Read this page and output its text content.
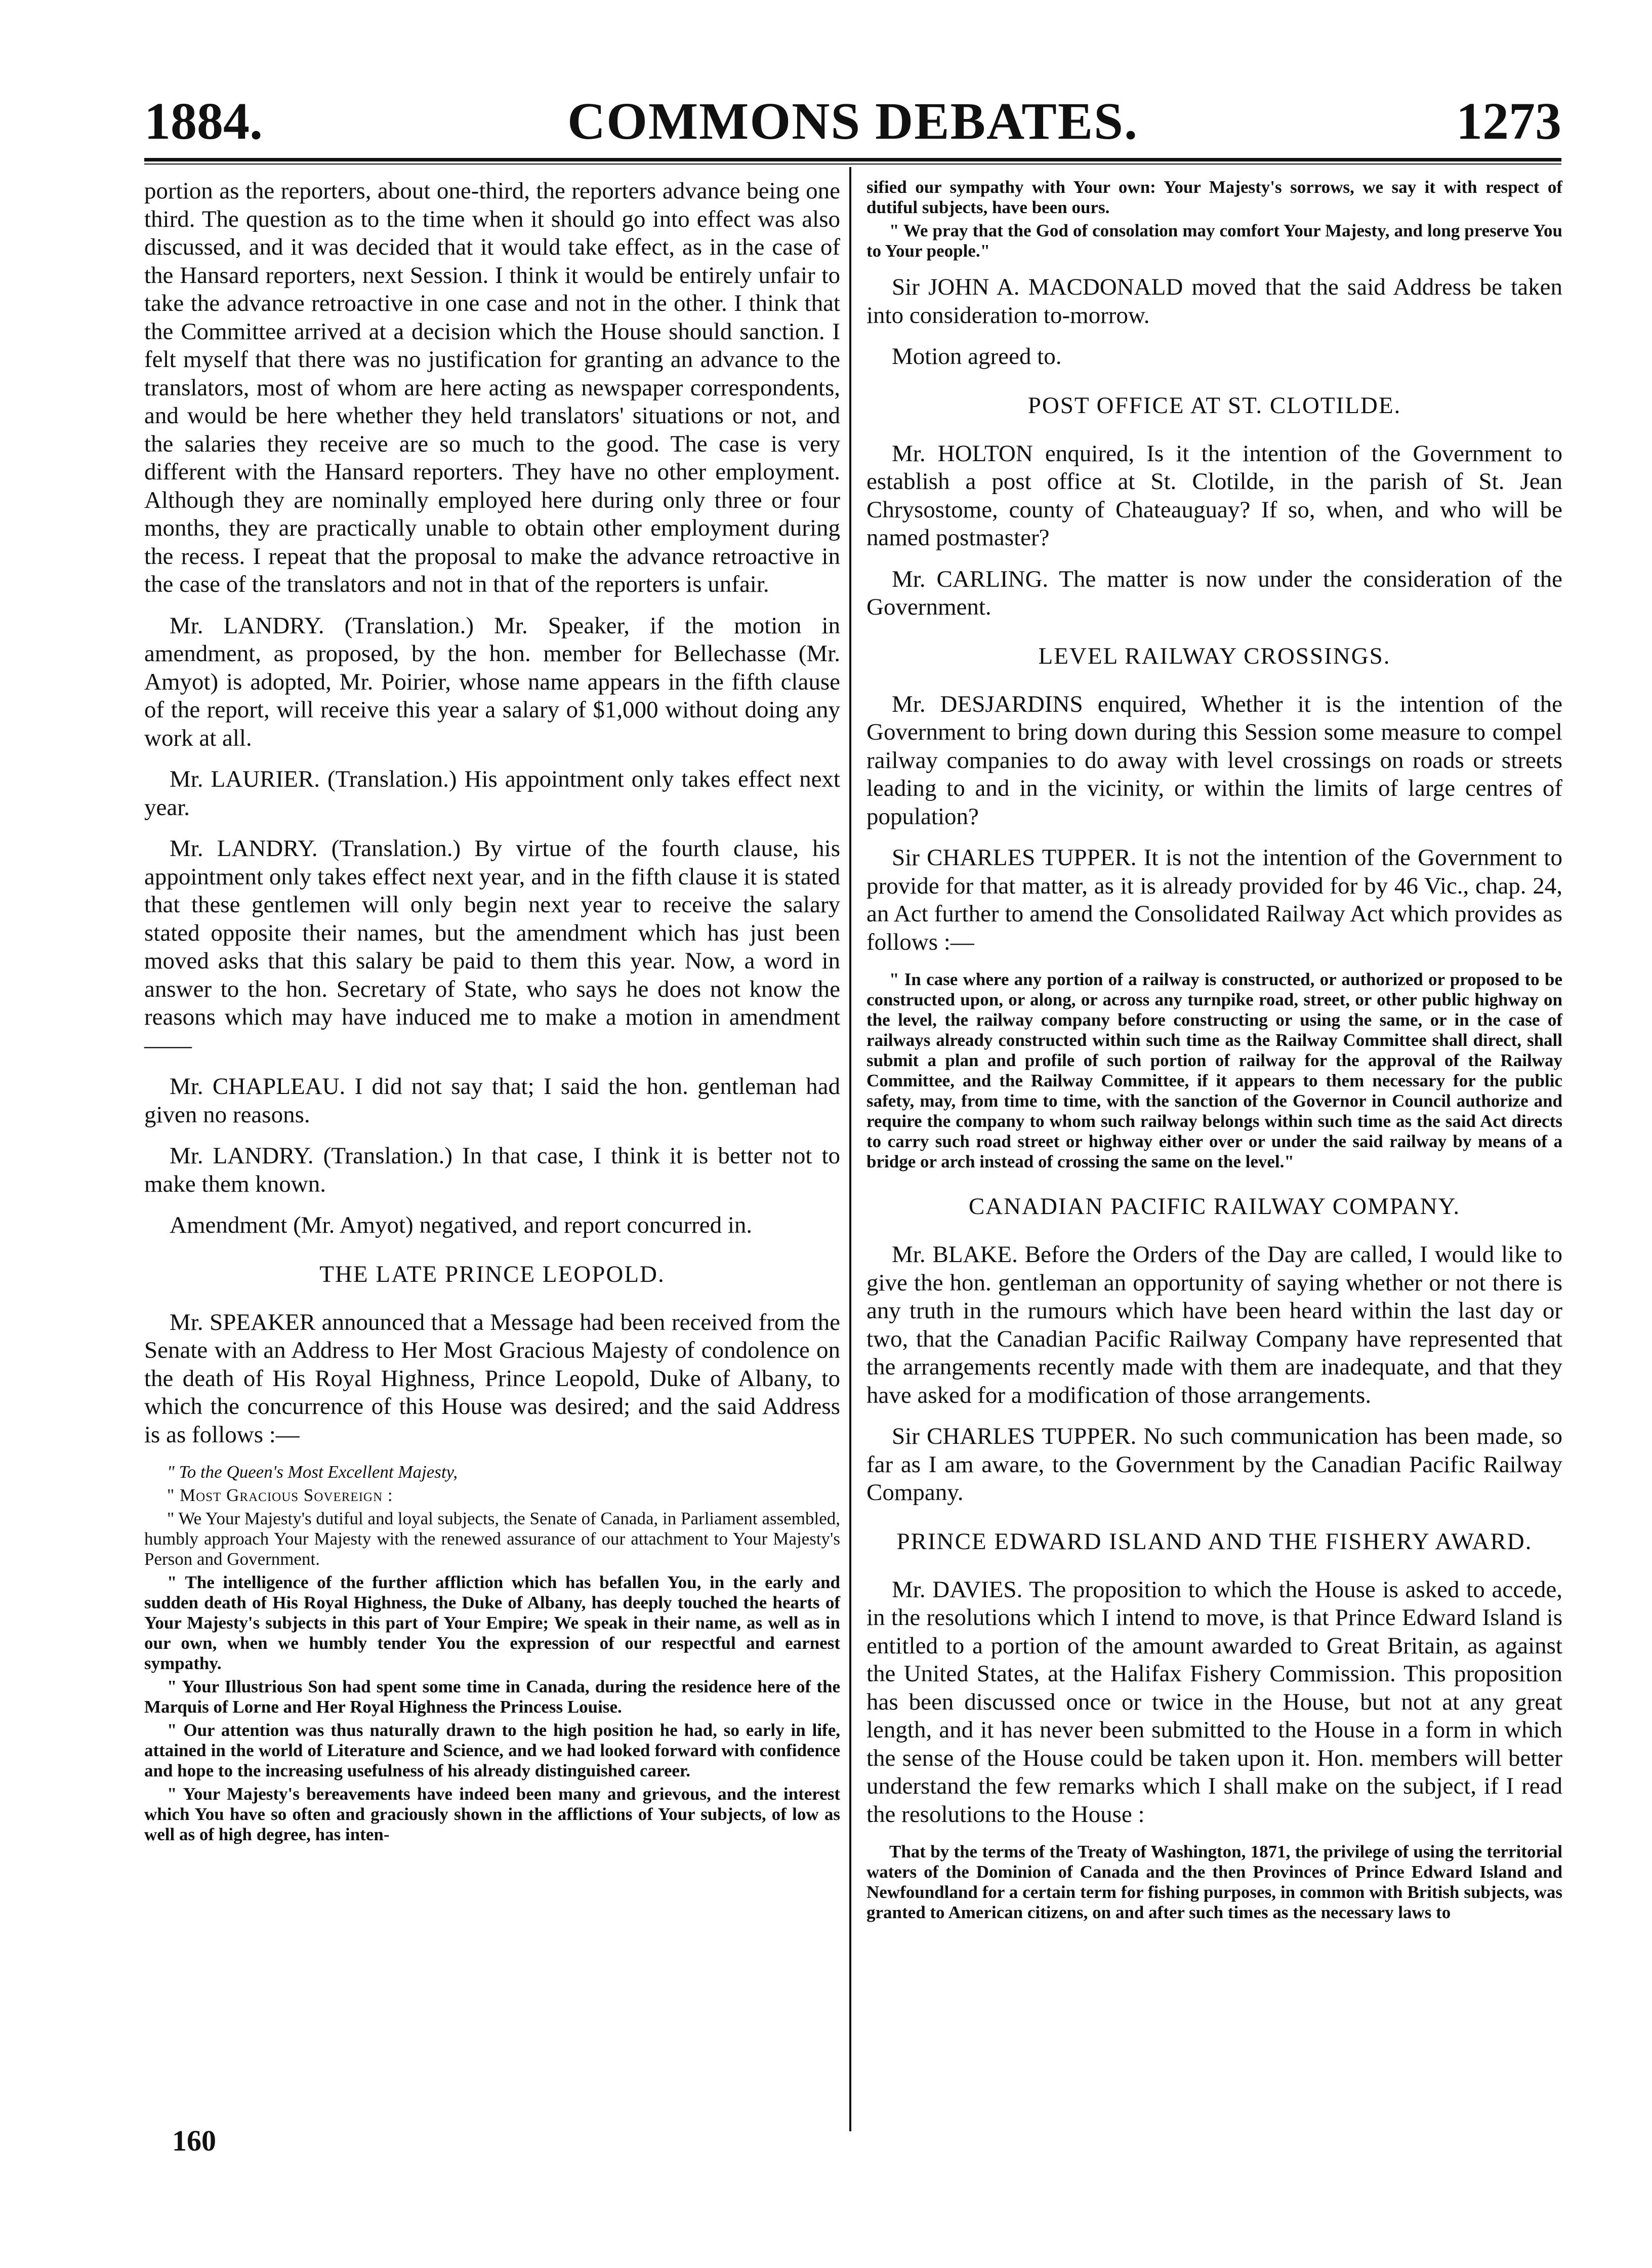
COMMONS DEBATES.
1884.	1273

portion as the reporters, about one-third, the reporters advance being one third. The question as to the time when it should go into effect was also discussed, and it was decided that it would take effect, as in the case of the Hansard reporters, next Session. I think it would be entirely unfair to take the advance retroactive in one case and not in the other. I think that the Committee arrived at a decision which the House should sanction. I felt myself that there was no justification for granting an advance to the translators, most of whom are here acting as newspaper correspondents, and would be here whether they held translators' situations or not, and the salaries they receive are so much to the good. The case is very different with the Hansard reporters. They have no other employment. Although they are nominally employed here during only three or four months, they are practically unable to obtain other employment during the recess. I repeat that the proposal to make the advance retroactive in the case of the translators and not in that of the reporters is unfair.

Mr. LANDRY. (Translation.) Mr. Speaker, if the motion in amendment, as proposed, by the hon. member for Bellechasse (Mr. Amyot) is adopted, Mr. Poirier, whose name appears in the fifth clause of the report, will receive this year a salary of $1,000 without doing any work at all.

Mr. LAURIER. (Translation.) His appointment only takes effect next year.

Mr. LANDRY. (Translation.) By virtue of the fourth clause, his appointment only takes effect next year, and in the fifth clause it is stated that these gentlemen will only begin next year to receive the salary stated opposite their names, but the amendment which has just been moved asks that this salary be paid to them this year. Now, a word in answer to the hon. Secretary of State, who says he does not know the reasons which may have induced me to make a motion in amendment——

Mr. CHAPLEAU. I did not say that; I said the hon. gentleman had given no reasons.

Mr. LANDRY. (Translation.) In that case, I think it is better not to make them known.

Amendment (Mr. Amyot) negatived, and report concurred in.

THE LATE PRINCE LEOPOLD.

Mr. SPEAKER announced that a Message had been received from the Senate with an Address to Her Most Gracious Majesty of condolence on the death of His Royal Highness, Prince Leopold, Duke of Albany, to which the concurrence of this House was desired; and the said Address is as follows :—

" To the Queen's Most Excellent Majesty,

" Most Gracious Sovereign :

" We Your Majesty's dutiful and loyal subjects, the Senate of Canada, in Parliament assembled, humbly approach Your Majesty with the renewed assurance of our attachment to Your Majesty's Person and Government.

" The intelligence of the further affliction which has befallen You, in the early and sudden death of His Royal Highness, the Duke of Albany, has deeply touched the hearts of Your Majesty's subjects in this part of Your Empire; We speak in their name, as well as in our own, when we humbly tender You the expression of our respectful and earnest sympathy.

" Your Illustrious Son had spent some time in Canada, during the residence here of the Marquis of Lorne and Her Royal Highness the Princess Louise.

" Our attention was thus naturally drawn to the high position he had, so early in life, attained in the world of Literature and Science, and we had looked forward with confidence and hope to the increasing usefulness of his already distinguished career.

" Your Majesty's bereavements have indeed been many and grievous, and the interest which You have so often and graciously shown in the afflictions of Your subjects, of low as well as of high degree, has inten-

sified our sympathy with Your own: Your Majesty's sorrows, we say it with respect of dutiful subjects, have been ours.

" We pray that the God of consolation may comfort Your Majesty, and long preserve You to Your people."

Sir JOHN A. MACDONALD moved that the said Address be taken into consideration to-morrow.

Motion agreed to.

POST OFFICE AT ST. CLOTILDE.

Mr. HOLTON enquired, Is it the intention of the Government to establish a post office at St. Clotilde, in the parish of St. Jean Chrysostome, county of Chateauguay? If so, when, and who will be named postmaster?

Mr. CARLING. The matter is now under the consideration of the Government.

LEVEL RAILWAY CROSSINGS.

Mr. DESJARDINS enquired, Whether it is the intention of the Government to bring down during this Session some measure to compel railway companies to do away with level crossings on roads or streets leading to and in the vicinity, or within the limits of large centres of population?

Sir CHARLES TUPPER. It is not the intention of the Government to provide for that matter, as it is already provided for by 46 Vic., chap. 24, an Act further to amend the Consolidated Railway Act which provides as follows :—

" In case where any portion of a railway is constructed, or authorized or proposed to be constructed upon, or along, or across any turnpike road, street, or other public highway on the level, the railway company before constructing or using the same, or in the case of railways already constructed within such time as the Railway Committee shall direct, shall submit a plan and profile of such portion of railway for the approval of the Railway Committee, and the Railway Committee, if it appears to them necessary for the public safety, may, from time to time, with the sanction of the Governor in Council authorize and require the company to whom such railway belongs within such time as the said Act directs to carry such road street or highway either over or under the said railway by means of a bridge or arch instead of crossing the same on the level."

CANADIAN PACIFIC RAILWAY COMPANY.

Mr. BLAKE. Before the Orders of the Day are called, I would like to give the hon. gentleman an opportunity of saying whether or not there is any truth in the rumours which have been heard within the last day or two, that the Canadian Pacific Railway Company have represented that the arrangements recently made with them are inadequate, and that they have asked for a modification of those arrangements.

Sir CHARLES TUPPER. No such communication has been made, so far as I am aware, to the Government by the Canadian Pacific Railway Company.

PRINCE EDWARD ISLAND AND THE FISHERY AWARD.

Mr. DAVIES. The proposition to which the House is asked to accede, in the resolutions which I intend to move, is that Prince Edward Island is entitled to a portion of the amount awarded to Great Britain, as against the United States, at the Halifax Fishery Commission. This proposition has been discussed once or twice in the House, but not at any great length, and it has never been submitted to the House in a form in which the sense of the House could be taken upon it. Hon. members will better understand the few remarks which I shall make on the subject, if I read the resolutions to the House :

That by the terms of the Treaty of Washington, 1871, the privilege of using the territorial waters of the Dominion of Canada and the then Provinces of Prince Edward Island and Newfoundland for a certain term for fishing purposes, in common with British subjects, was granted to American citizens, on and after such times as the necessary laws to

160
